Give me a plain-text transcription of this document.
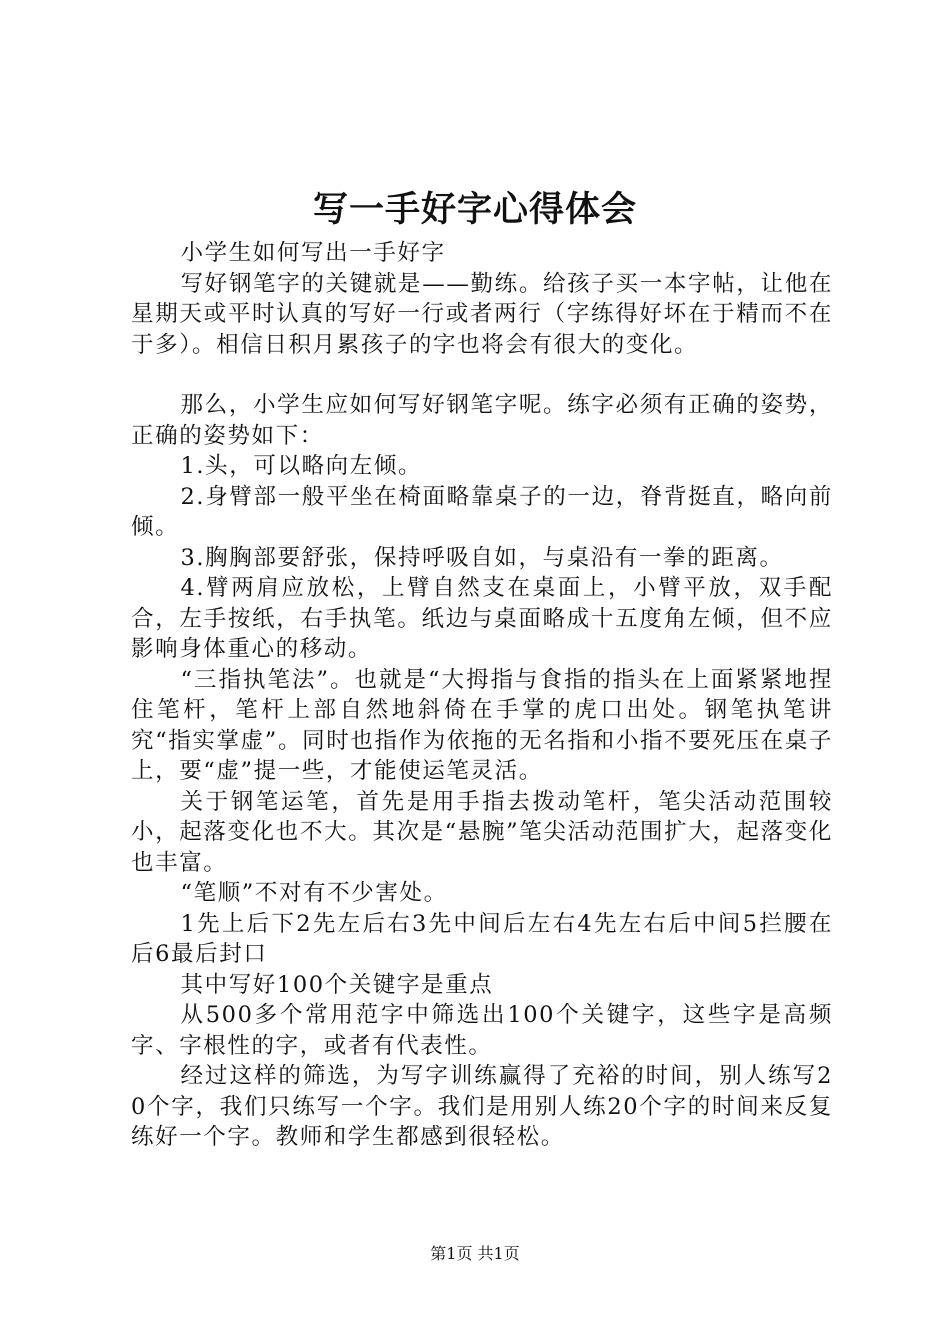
写一手好字心得体会

小学生如何写出一手好字

写好钢笔字的关键就是——勤练。给孩子买一本字帖，让他在星期天或平时认真的写好一行或者两行（字练得好坏在于精而不在于多）。相信日积月累孩子的字也将会有很大的变化。

那么，小学生应如何写好钢笔字呢。练字必须有正确的姿势，正确的姿势如下：

1.头，可以略向左倾。

2.身臂部一般平坐在椅面略靠桌子的一边，脊背挺直，略向前倾。

3.胸胸部要舒张，保持呼吸自如，与桌沿有一拳的距离。

4.臂两肩应放松，上臂自然支在桌面上，小臂平放，双手配合，左手按纸，右手执笔。纸边与桌面略成十五度角左倾，但不应影响身体重心的移动。

“三指执笔法”。也就是“大拇指与食指的指头在上面紧紧地捏住笔杆，笔杆上部自然地斜倚在手掌的虎口出处。钢笔执笔讲究“指实掌虚”。同时也指作为依拖的无名指和小指不要死压在桌子上，要“虚”提一些，才能使运笔灵活。

关于钢笔运笔，首先是用手指去拨动笔杆，笔尖活动范围较小，起落变化也不大。其次是“悬腕”笔尖活动范围扩大，起落变化也丰富。

“笔顺”不对有不少害处。

1先上后下2先左后右3先中间后左右4先左右后中间5拦腰在后6最后封口

其中写好100个关键字是重点

从500多个常用范字中筛选出100个关键字，这些字是高频字、字根性的字，或者有代表性。

经过这样的筛选，为写字训练赢得了充裕的时间，别人练写20个字，我们只练写一个字。我们是用别人练20个字的时间来反复练好一个字。教师和学生都感到很轻松。

第1页 共1页
